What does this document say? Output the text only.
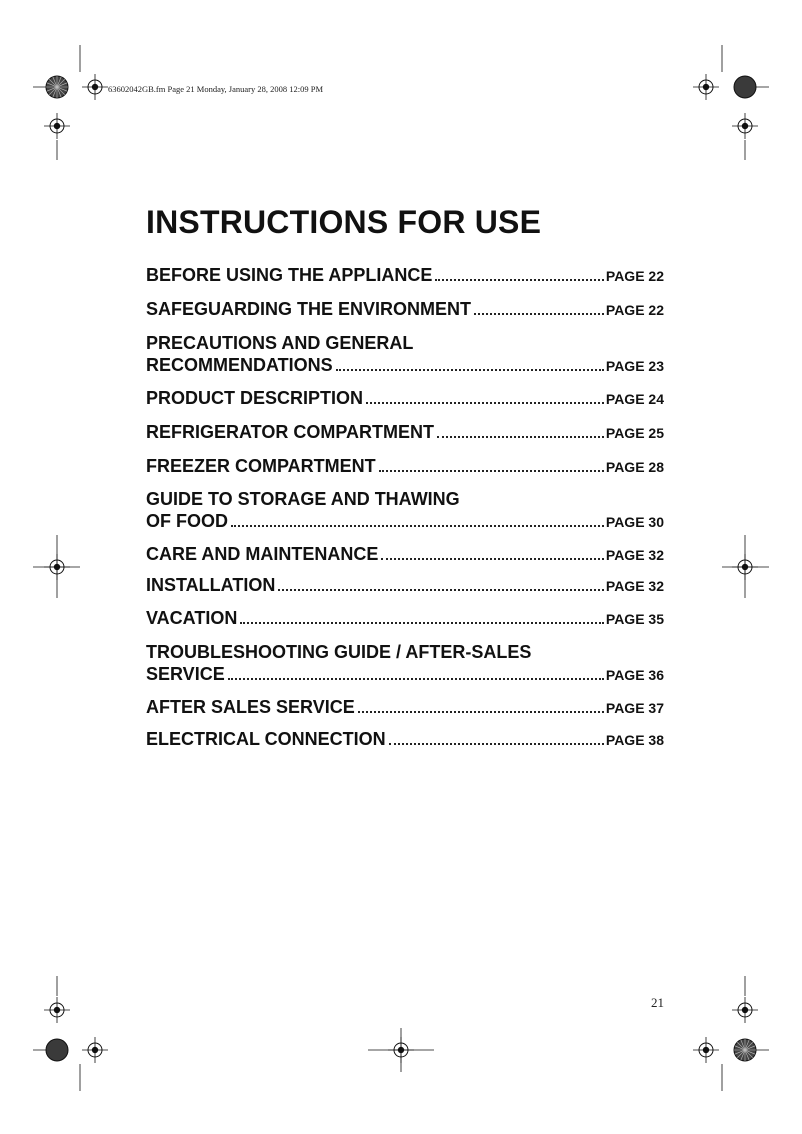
63602042GB.fm Page 21 Monday, January 28, 2008 12:09 PM
INSTRUCTIONS FOR USE
BEFORE USING THE APPLIANCE	PAGE 22
SAFEGUARDING THE ENVIRONMENT	PAGE 22
PRECAUTIONS AND GENERAL
RECOMMENDATIONS	PAGE 23
PRODUCT DESCRIPTION	PAGE 24
REFRIGERATOR COMPARTMENT	PAGE 25
FREEZER COMPARTMENT	PAGE 28
GUIDE TO STORAGE AND THAWING
OF FOOD	PAGE 30
CARE AND MAINTENANCE	PAGE 32
INSTALLATION	PAGE 32
VACATION	PAGE 35
TROUBLESHOOTING GUIDE / AFTER-SALES
SERVICE	PAGE 36
AFTER SALES SERVICE	PAGE 37
ELECTRICAL CONNECTION	PAGE 38
21
